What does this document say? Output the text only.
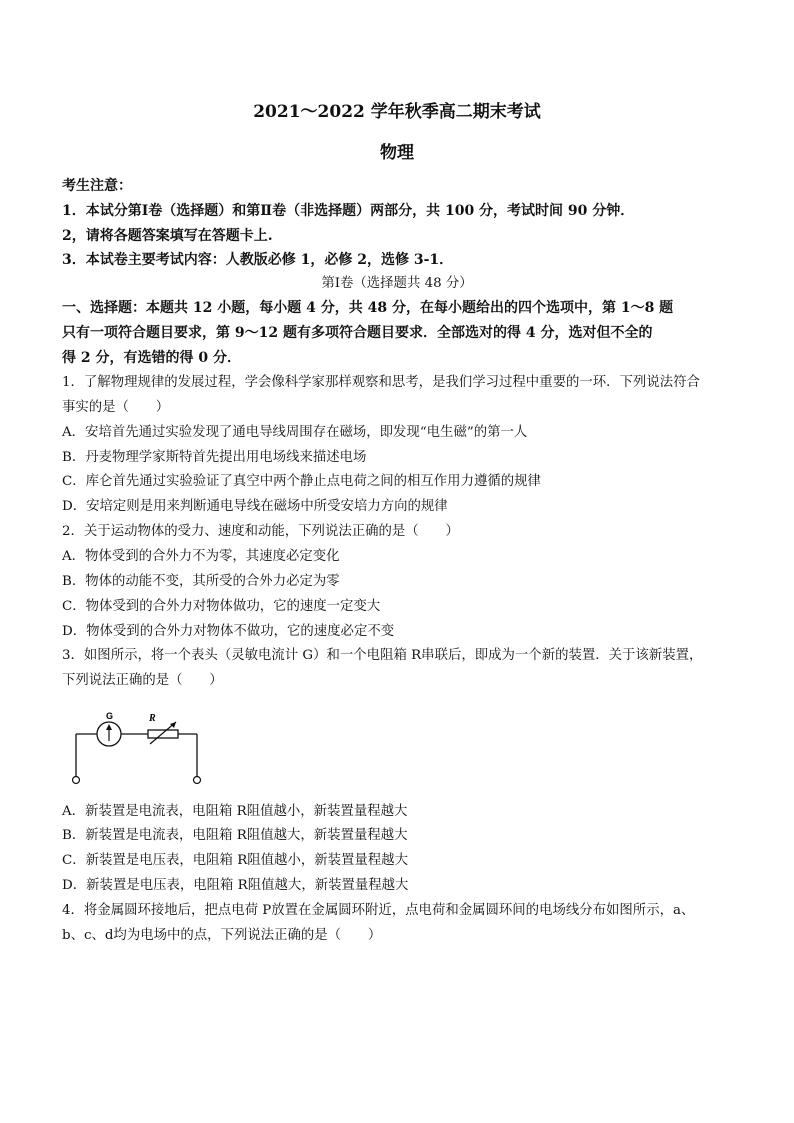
2021～2022 学年秋季高二期末考试
物理
考生注意：
1．本试分第Ⅰ卷（选择题）和第Ⅱ卷（非选择题）两部分，共 100 分，考试时间 90 分钟．
2，请将各题答案填写在答题卡上.
3．本试卷主要考试内容：人教版必修 1，必修 2，选修 3-1．
第Ⅰ卷（选择题共 48 分）
一、选择题：本题共 12 小题，每小题 4 分，共 48 分，在每小题给出的四个选项中，第 1～8 题
只有一项符合题目要求，第 9～12 题有多项符合题目要求．全部选对的得 4 分，选对但不全的
得 2 分，有选错的得 0 分．
1．了解物理规律的发展过程，学会像科学家那样观察和思考，是我们学习过程中重要的一环．下列说法符合
事实的是（　　）
A．安培首先通过实验发现了通电导线周围存在磁场，即发现“电生磁”的第一人
B．丹麦物理学家斯特首先提出用电场线来描述电场
C．库仑首先通过实验验证了真空中两个静止点电荷之间的相互作用力遵循的规律
D．安培定则是用来判断通电导线在磁场中所受安培力方向的规律
2．关于运动物体的受力、速度和动能，下列说法正确的是（　　）
A．物体受到的合外力不为零，其速度必定变化
B．物体的动能不变，其所受的合外力必定为零
C．物体受到的合外力对物体做功，它的速度一定变大
D．物体受到的合外力对物体不做功，它的速度必定不变
3．如图所示，将一个表头（灵敏电流计 G）和一个电阻箱 R串联后，即成为一个新的装置．关于该新装置，
下列说法正确的是（　　）
G	R
A．新装置是电流表，电阻箱 R阻值越小，新装置量程越大
B．新装置是电流表，电阻箱 R阻值越大，新装置量程越大
C．新装置是电压表，电阻箱 R阻值越小，新装置量程越大
D．新装置是电压表，电阻箱 R阻值越大，新装置量程越大
4．将金属圆环接地后，把点电荷 P放置在金属圆环附近，点电荷和金属圆环间的电场线分布如图所示，a、
b、c、d均为电场中的点，下列说法正确的是（　　）
